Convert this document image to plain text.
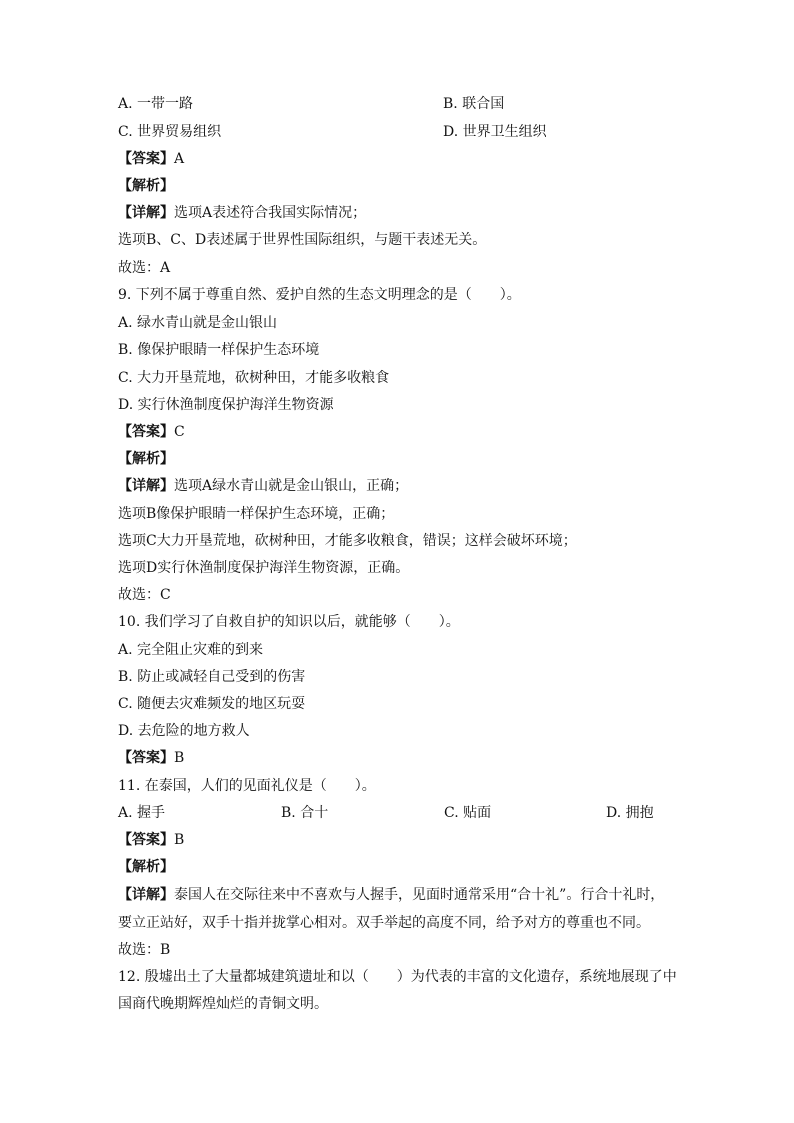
A. 一带一路	B. 联合国
C. 世界贸易组织	D. 世界卫生组织
【答案】A
【解析】
【详解】选项A表述符合我国实际情况；
选项B、C、D表述属于世界性国际组织，与题干表述无关。
故选：A
9. 下列不属于尊重自然、爱护自然的生态文明理念的是（　　）。
A. 绿水青山就是金山银山
B. 像保护眼睛一样保护生态环境
C. 大力开垦荒地，砍树种田，才能多收粮食
D. 实行休渔制度保护海洋生物资源
【答案】C
【解析】
【详解】选项A绿水青山就是金山银山，正确；
选项B像保护眼睛一样保护生态环境，正确；
选项C大力开垦荒地，砍树种田，才能多收粮食，错误；这样会破坏环境；
选项D实行休渔制度保护海洋生物资源，正确。
故选：C
10. 我们学习了自救自护的知识以后，就能够（　　）。
A. 完全阻止灾难的到来
B. 防止或减轻自己受到的伤害
C. 随便去灾难频发的地区玩耍
D. 去危险的地方救人
【答案】B
11. 在泰国，人们的见面礼仪是（　　）。
A. 握手	B. 合十	C. 贴面	D. 拥抱
【答案】B
【解析】
【详解】泰国人在交际往来中不喜欢与人握手，见面时通常采用“合十礼”。行合十礼时，
要立正站好，双手十指并拢掌心相对。双手举起的高度不同，给予对方的尊重也不同。
故选：B
12. 殷墟出土了大量都城建筑遗址和以（　　）为代表的丰富的文化遗存，系统地展现了中
国商代晚期辉煌灿烂的青铜文明。
